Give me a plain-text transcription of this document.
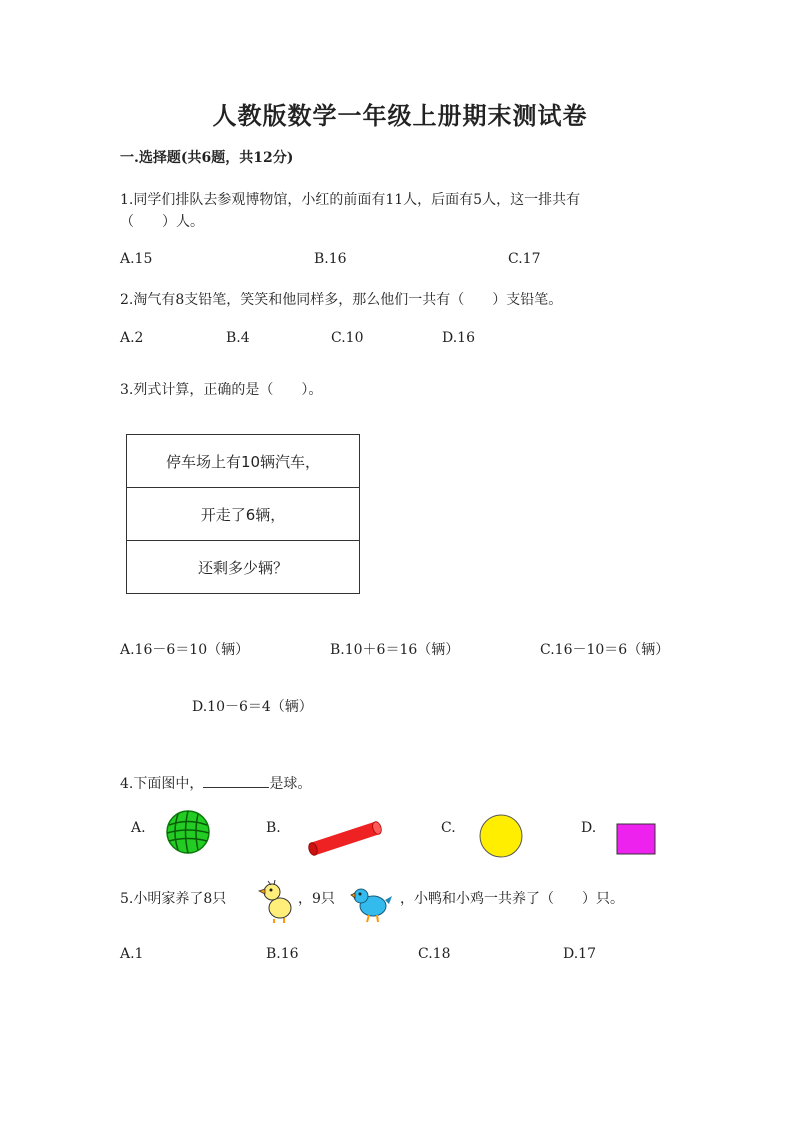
人教版数学一年级上册期末测试卷
一.选择题(共6题，共12分)
1.同学们排队去参观博物馆，小红的前面有11人，后面有5人，这一排共有
（　　）人。
A.15	B.16	C.17
2.淘气有8支铅笔，笑笑和他同样多，那么他们一共有（　　）支铅笔。
A.2	B.4	C.10	D.16
3.列式计算，正确的是（　　）。
停车场上有10辆汽车，
开走了6辆，
还剩多少辆？
A.16－6＝10（辆）	B.10＋6＝16（辆）	C.16－10＝6（辆）
D.10－6＝4（辆）
4.下面图中，	是球。
A.	B.	C.	D.
5.小明家养了8只	，9只	，小鸭和小鸡一共养了（　　）只。
A.1	B.16	C.18	D.17
